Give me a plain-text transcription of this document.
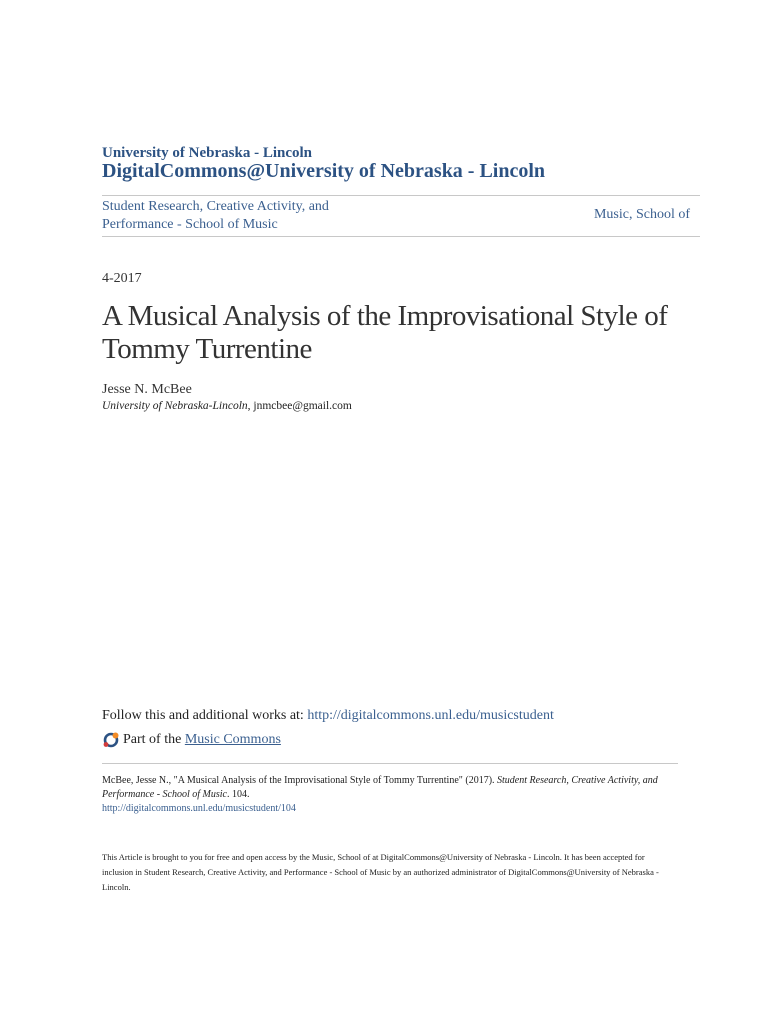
University of Nebraska - Lincoln
DigitalCommons@University of Nebraska - Lincoln
Student Research, Creative Activity, and Performance - School of Music
Music, School of
4-2017
A Musical Analysis of the Improvisational Style of Tommy Turrentine
Jesse N. McBee
University of Nebraska-Lincoln, jnmcbee@gmail.com
Follow this and additional works at: http://digitalcommons.unl.edu/musicstudent
Part of the
Music Commons
McBee, Jesse N., "A Musical Analysis of the Improvisational Style of Tommy Turrentine" (2017). Student Research, Creative Activity, and Performance - School of Music. 104.
http://digitalcommons.unl.edu/musicstudent/104
This Article is brought to you for free and open access by the Music, School of at DigitalCommons@University of Nebraska - Lincoln. It has been accepted for inclusion in Student Research, Creative Activity, and Performance - School of Music by an authorized administrator of DigitalCommons@University of Nebraska - Lincoln.
